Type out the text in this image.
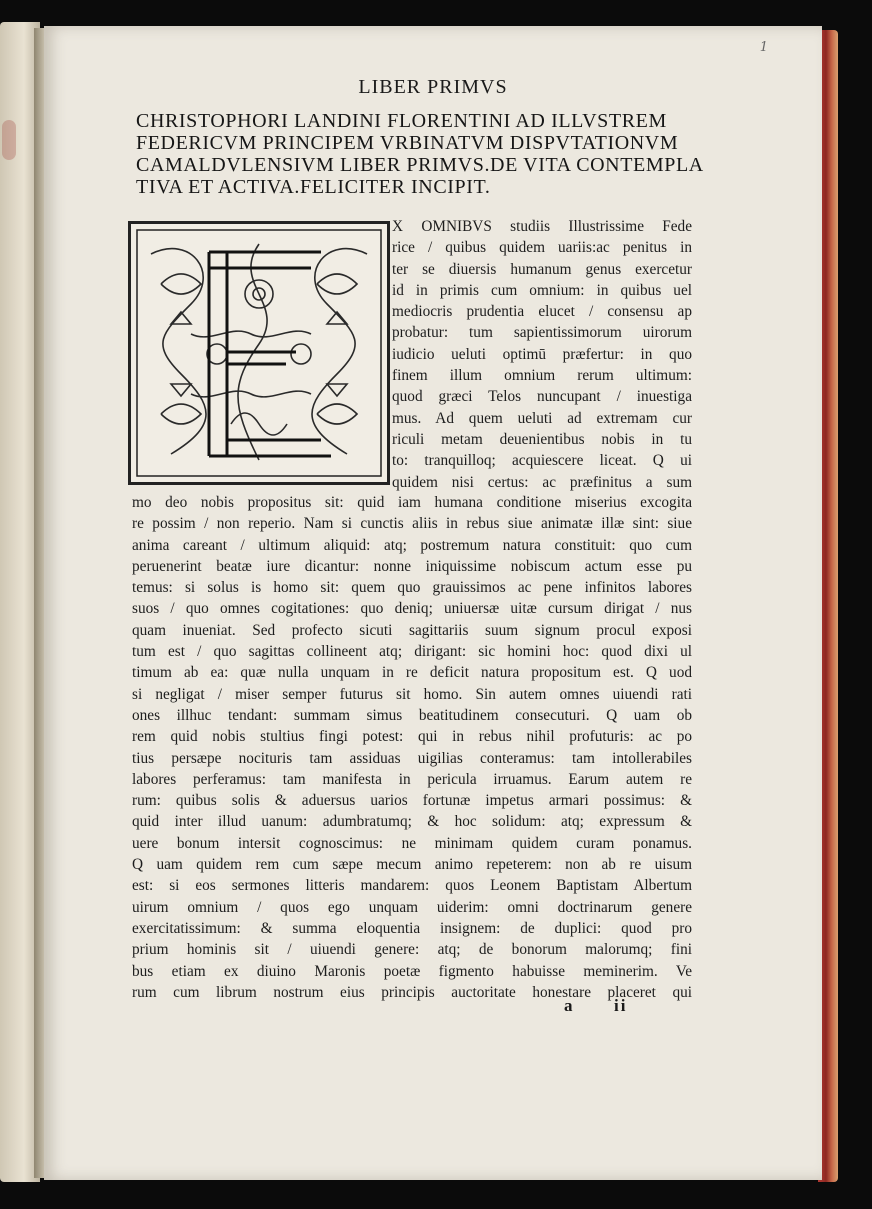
1
LIBER PRIMVS
CHRISTOPHORI LANDINI FLORENTINI AD ILLVSTREM
FEDERICVM PRINCIPEM VRBINATVM DISPVTATIONVM
CAMALDVLENSIVM LIBER PRIMVS.DE VITA CONTEMPLA
TIVA ET ACTIVA.FELICITER INCIPIT.
E
X OMNIBVS studiis Illustrissime Fede
rice / quibus quidem uariis:ac penitus in
ter se diuersis humanum genus exercetur
id in primis cum omnium: in quibus uel
mediocris prudentia elucet / consensu ap
probatur: tum sapientissimorum uirorum
iudicio ueluti optimū præfertur: in quo
finem illum omnium rerum ultimum:
quod græci Telos nuncupant / inuestiga
mus. Ad quem ueluti ad extremam cur
riculi metam deuenientibus nobis in tu
to: tranquilloq; acquiescere liceat. Q ui
quidem nisi certus: ac præfinitus a sum
mo deo nobis propositus sit: quid iam humana conditione miserius excogita
re possim / non reperio. Nam si cunctis aliis in rebus siue animatæ illæ sint: siue
anima careant / ultimum aliquid: atq; postremum natura constituit: quo cum
peruenerint beatæ iure dicantur: nonne iniquissime nobiscum actum esse pu
temus: si solus is homo sit: quem quo grauissimos ac pene infinitos labores
suos / quo omnes cogitationes: quo deniq; uniuersæ uitæ cursum dirigat / nus
quam inueniat. Sed profecto sicuti sagittariis suum signum procul exposi
tum est / quo sagittas collineent atq; dirigant: sic homini hoc: quod dixi ul
timum ab ea: quæ nulla unquam in re deficit natura propositum est. Q uod
si negligat / miser semper futurus sit homo. Sin autem omnes uiuendi rati
ones illhuc tendant: summam simus beatitudinem consecuturi. Q uam ob
rem quid nobis stultius fingi potest: qui in rebus nihil profuturis: ac po
tius persæpe nocituris tam assiduas uigilias conteramus: tam intollerabiles
labores perferamus: tam manifesta in pericula irruamus. Earum autem re
rum: quibus solis & aduersus uarios fortunæ impetus armari possimus: &
quid inter illud uanum: adumbratumq; & hoc solidum: atq; expressum &
uere bonum intersit cognoscimus: ne minimam quidem curam ponamus.
Q uam quidem rem cum sæpe mecum animo repeterem: non ab re uisum
est: si eos sermones litteris mandarem: quos Leonem Baptistam Albertum
uirum omnium / quos ego unquam uiderim: omni doctrinarum genere
exercitatissimum: & summa eloquentia insignem: de duplici: quod pro
prium hominis sit / uiuendi genere: atq; de bonorum malorumq; fini
bus etiam ex diuino Maronis poetæ figmento habuisse meminerim. Ve
rum cum librum nostrum eius principis auctoritate honestare placeret qui
a ii
